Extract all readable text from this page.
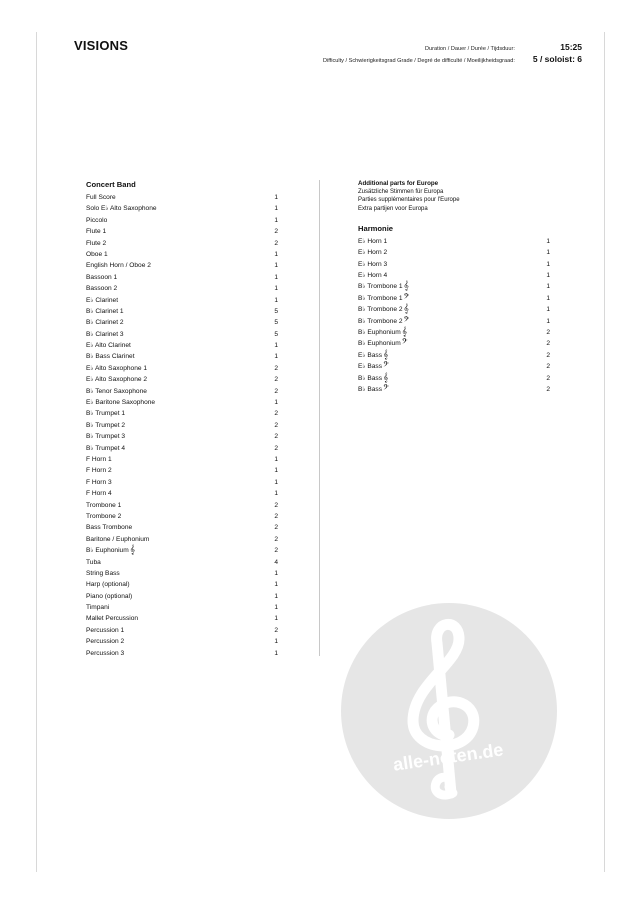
VISIONS	Duration / Dauer / Durée / Tijdsduur:	15:25
Difficulty / Schwierigkeitsgrad Grade / Degré de difficulté / Moeilijkheidsgraad: 5 / soloist: 6
Concert Band
Full Score	1
Solo E♭ Alto Saxophone	1
Piccolo	1
Flute 1	2
Flute 2	2
Oboe 1	1
English Horn / Oboe 2	1
Bassoon 1	1
Bassoon 2	1
E♭ Clarinet	1
B♭ Clarinet 1	5
B♭ Clarinet 2	5
B♭ Clarinet 3	5
E♭ Alto Clarinet	1
B♭ Bass Clarinet	1
E♭ Alto Saxophone 1	2
E♭ Alto Saxophone 2	2
B♭ Tenor Saxophone	2
E♭ Baritone Saxophone	1
B♭ Trumpet 1	2
B♭ Trumpet 2	2
B♭ Trumpet 3	2
B♭ Trumpet 4	2
F Horn 1	1
F Horn 2	1
F Horn 3	1
F Horn 4	1
Trombone 1	2
Trombone 2	2
Bass Trombone	2
Baritone / Euphonium	2
B♭ Euphonium𝄞	2
Tuba	4
String Bass	1
Harp (optional)	1
Piano (optional)	1
Timpani	1
Mallet Percussion	1
Percussion 1	2
Percussion 2	1
Percussion 3	1
Additional parts for Europe
Zusätzliche Stimmen für Europa
Parties supplémentaires pour l'Europe
Extra partijen voor Europa
Harmonie
E♭ Horn 1	1
E♭ Horn 2	1
E♭ Horn 3	1
E♭ Horn 4	1
B♭ Trombone 1𝄞	1
B♭ Trombone 1𝄢	1
B♭ Trombone 2𝄞	1
B♭ Trombone 2𝄢	1
B♭ Euphonium𝄞	2
B♭ Euphonium𝄢	2
E♭ Bass𝄞	2
E♭ Bass𝄢	2
B♭ Bass𝄞	2
B♭ Bass𝄢	2
alle-noten.de
